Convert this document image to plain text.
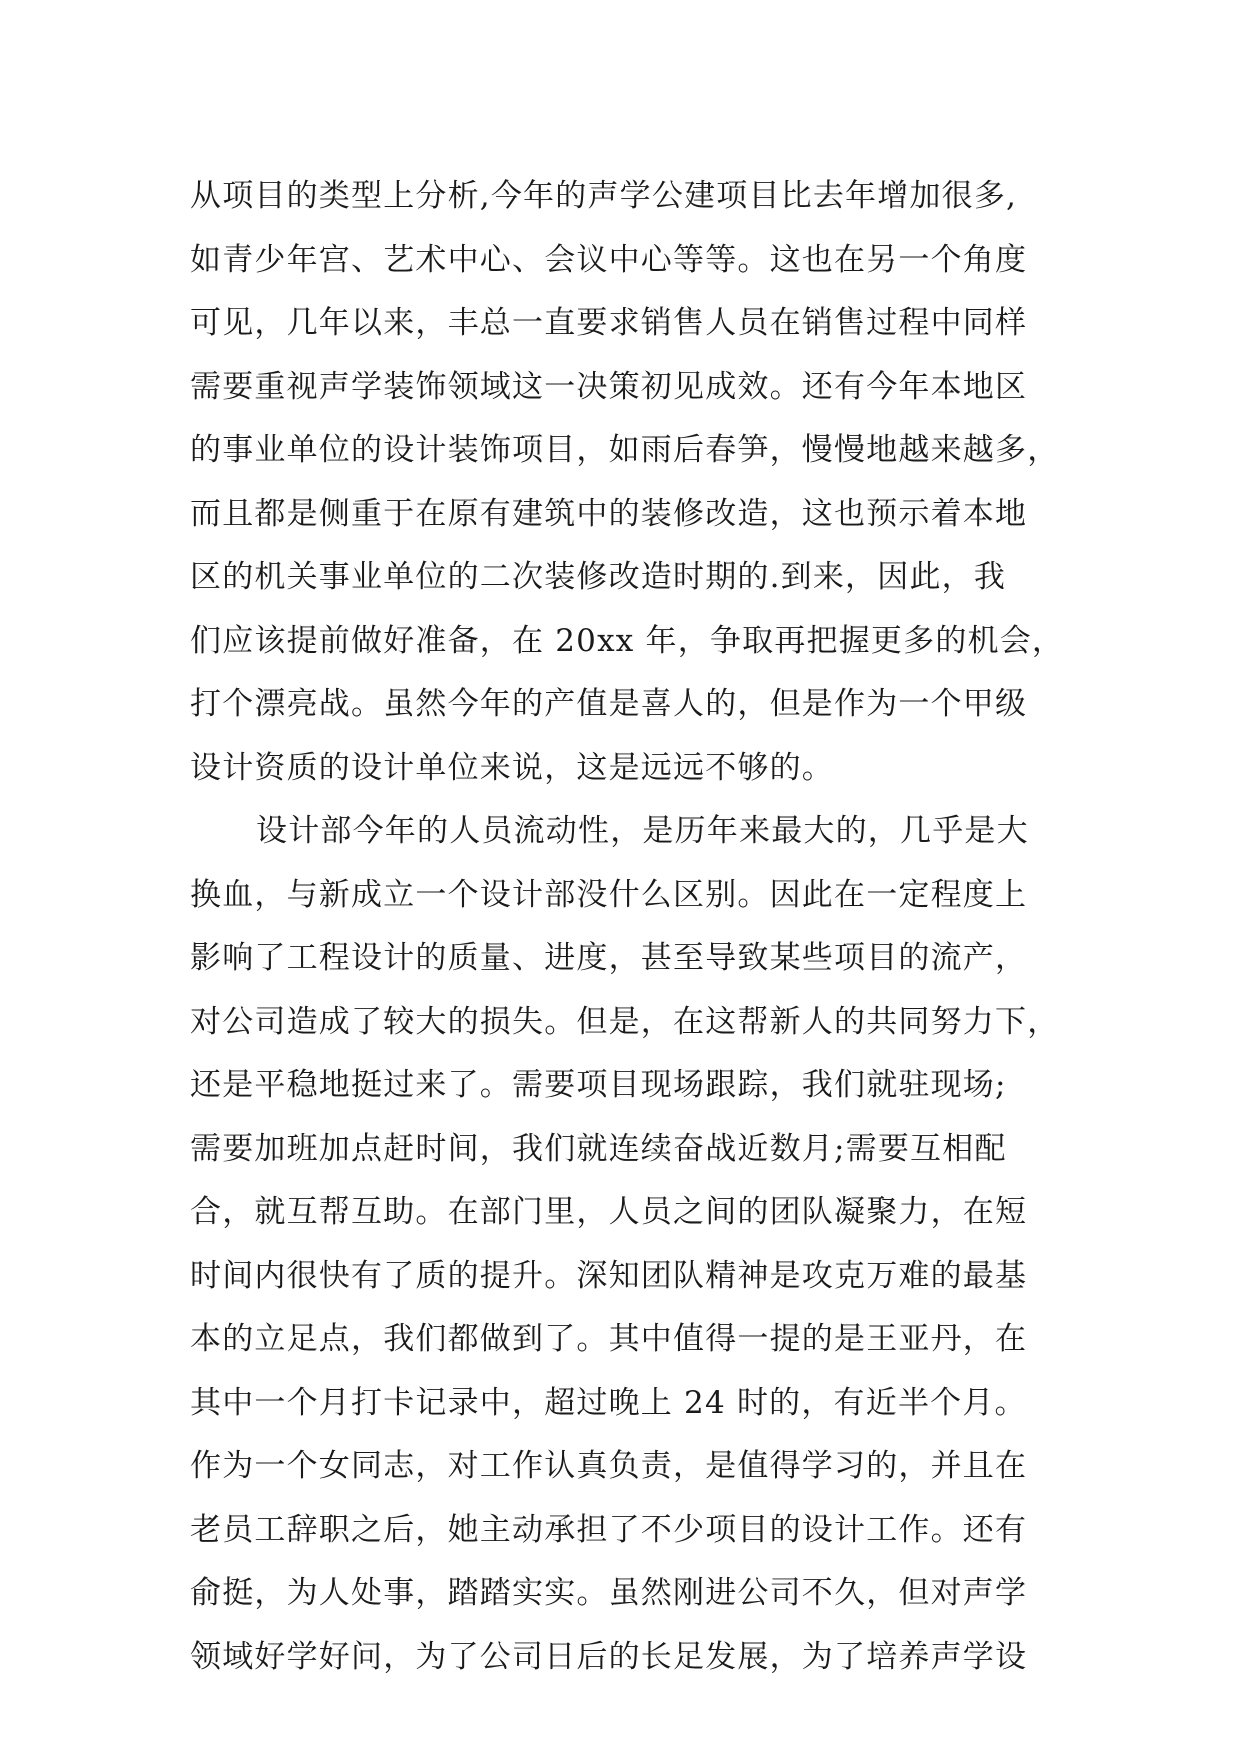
从项目的类型上分析,今年的声学公建项目比去年增加很多,
如青少年宫、艺术中心、会议中心等等。这也在另一个角度
可见，几年以来，丰总一直要求销售人员在销售过程中同样
需要重视声学装饰领域这一决策初见成效。还有今年本地区
的事业单位的设计装饰项目，如雨后春笋，慢慢地越来越多，
而且都是侧重于在原有建筑中的装修改造，这也预示着本地
区的机关事业单位的二次装修改造时期的.到来，因此，我
们应该提前做好准备，在 20xx 年，争取再把握更多的机会，
打个漂亮战。虽然今年的产值是喜人的，但是作为一个甲级
设计资质的设计单位来说，这是远远不够的。
设计部今年的人员流动性，是历年来最大的，几乎是大
换血，与新成立一个设计部没什么区别。因此在一定程度上
影响了工程设计的质量、进度，甚至导致某些项目的流产，
对公司造成了较大的损失。但是，在这帮新人的共同努力下，
还是平稳地挺过来了。需要项目现场跟踪，我们就驻现场;
需要加班加点赶时间，我们就连续奋战近数月;需要互相配
合，就互帮互助。在部门里，人员之间的团队凝聚力，在短
时间内很快有了质的提升。深知团队精神是攻克万难的最基
本的立足点，我们都做到了。其中值得一提的是王亚丹，在
其中一个月打卡记录中，超过晚上 24 时的，有近半个月。
作为一个女同志，对工作认真负责，是值得学习的，并且在
老员工辞职之后，她主动承担了不少项目的设计工作。还有
俞挺，为人处事，踏踏实实。虽然刚进公司不久，但对声学
领域好学好问，为了公司日后的长足发展，为了培养声学设
